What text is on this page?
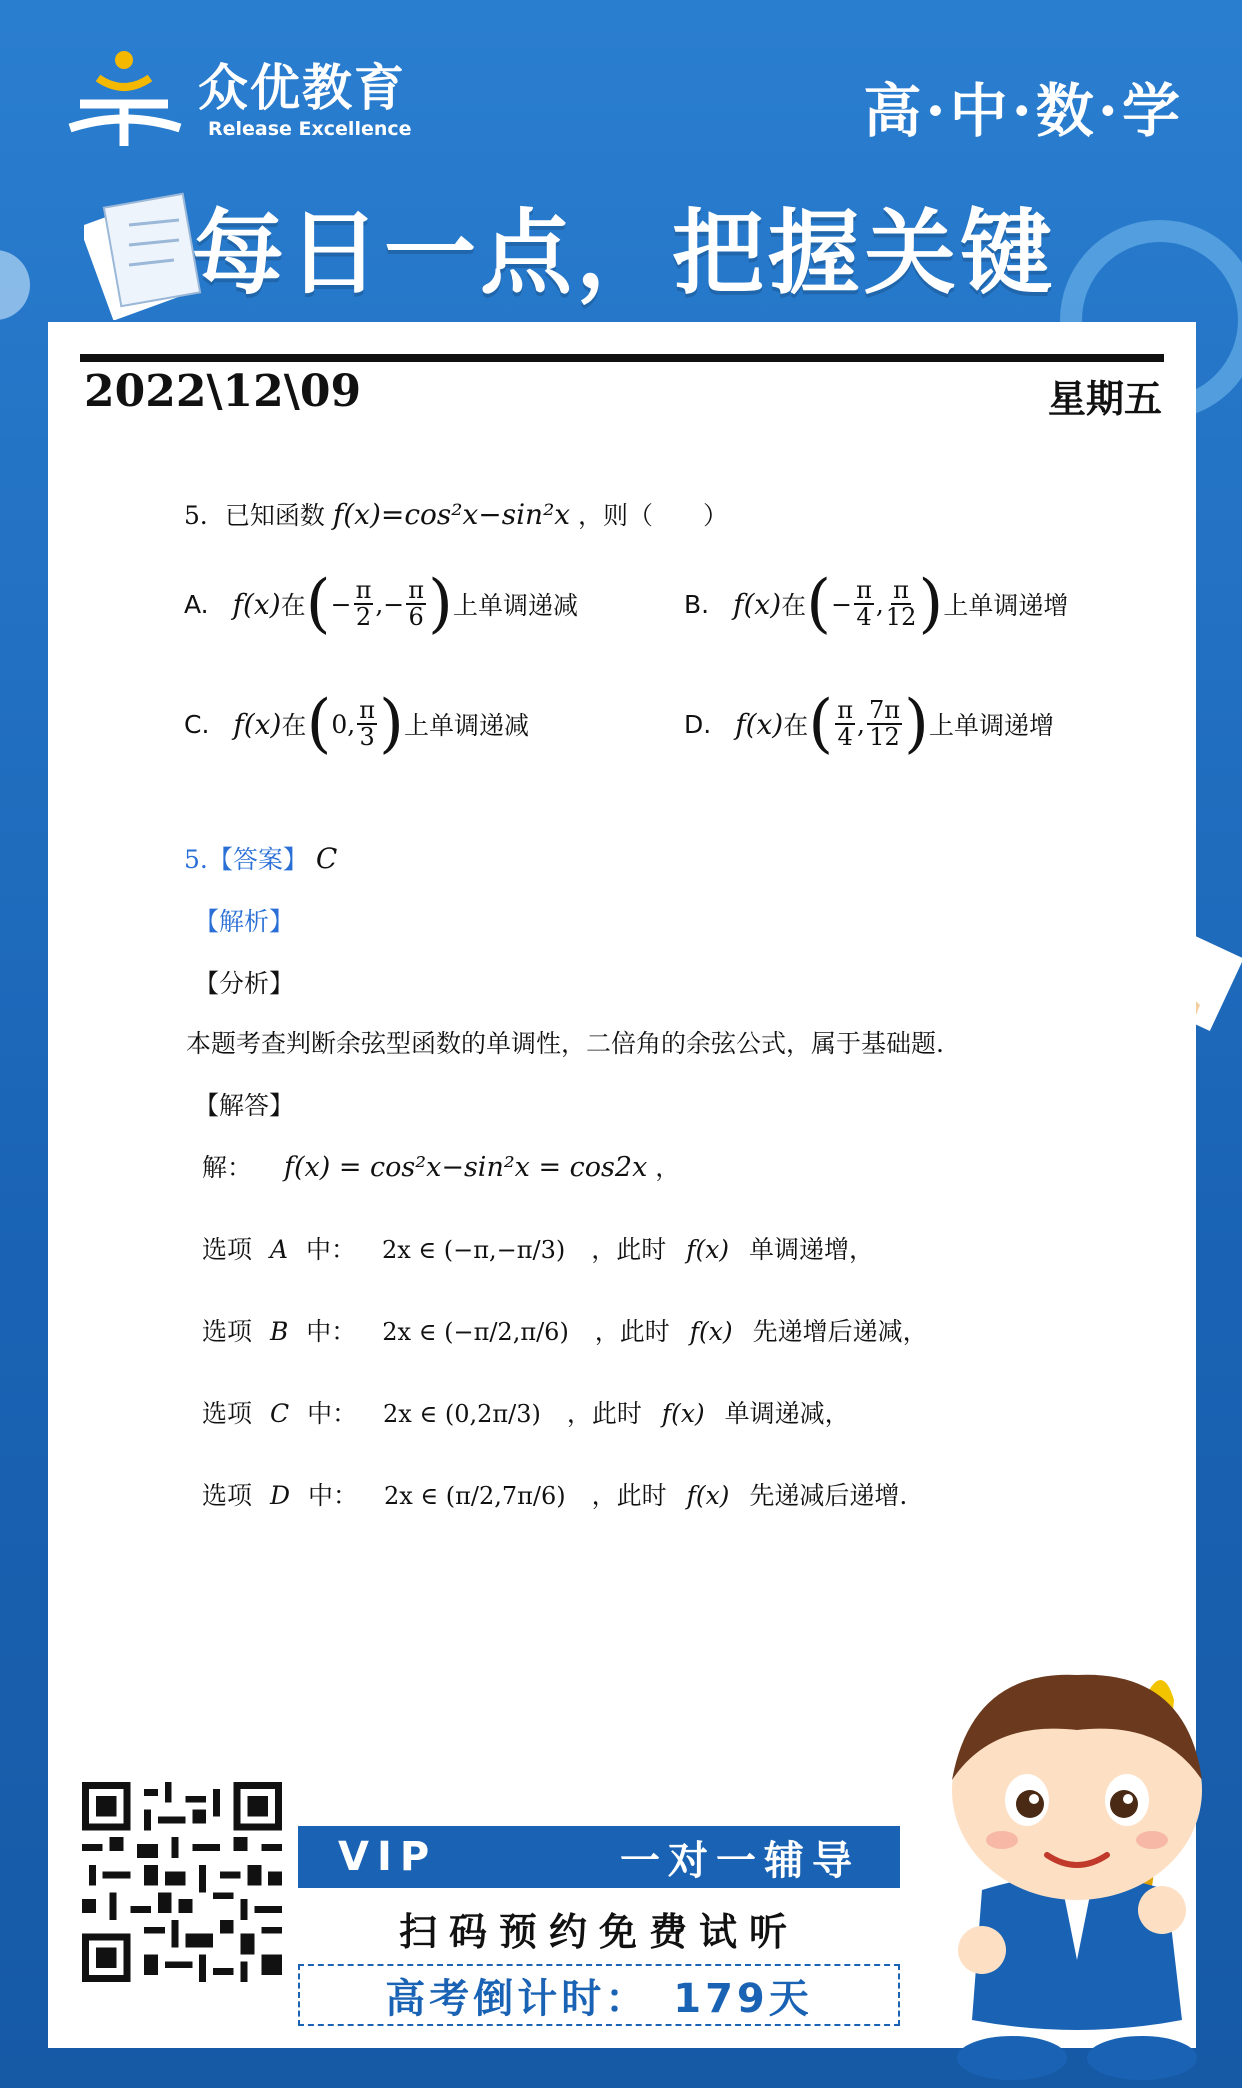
众优教育
Release Excellence	高·中·数·学
每日一点，把握关键
2022\12\09	星期五
5．已知函数 f(x)=cos²x−sin²x ，则（　　）
A. f(x) 在 ( − $\frac{\pi}{2}$ ,− $\frac{\pi}{6}$ ) 上单调递减	B. f(x) 在 ( − $\frac{\pi}{4}$ , $\frac{\pi}{12}$ ) 上单调递增
C. f(x) 在 ( 0, $\frac{\pi}{3}$ ) 上单调递减	D. f(x) 在 ( $\frac{\pi}{4}$ , $\frac{7\pi}{12}$ ) 上单调递增
5.【答案】 C
【解析】
【分析】
本题考查判断余弦型函数的单调性，二倍角的余弦公式，属于基础题.
【解答】
解： f(x) = cos²x−sin²x = cos2x ，
选项 A 中： 2x ∈ (−π,−π/3) ，此时 f(x) 单调递增，
选项 B 中： 2x ∈ (−π/2,π/6) ，此时 f(x) 先递增后递减，
选项 C 中： 2x ∈ (0,2π/3) ，此时 f(x) 单调递减，
选项 D 中： 2x ∈ (π/2,7π/6) ，此时 f(x) 先递减后递增.
VIP	一对一辅导
扫码预约免费试听
高考倒计时： 179天
